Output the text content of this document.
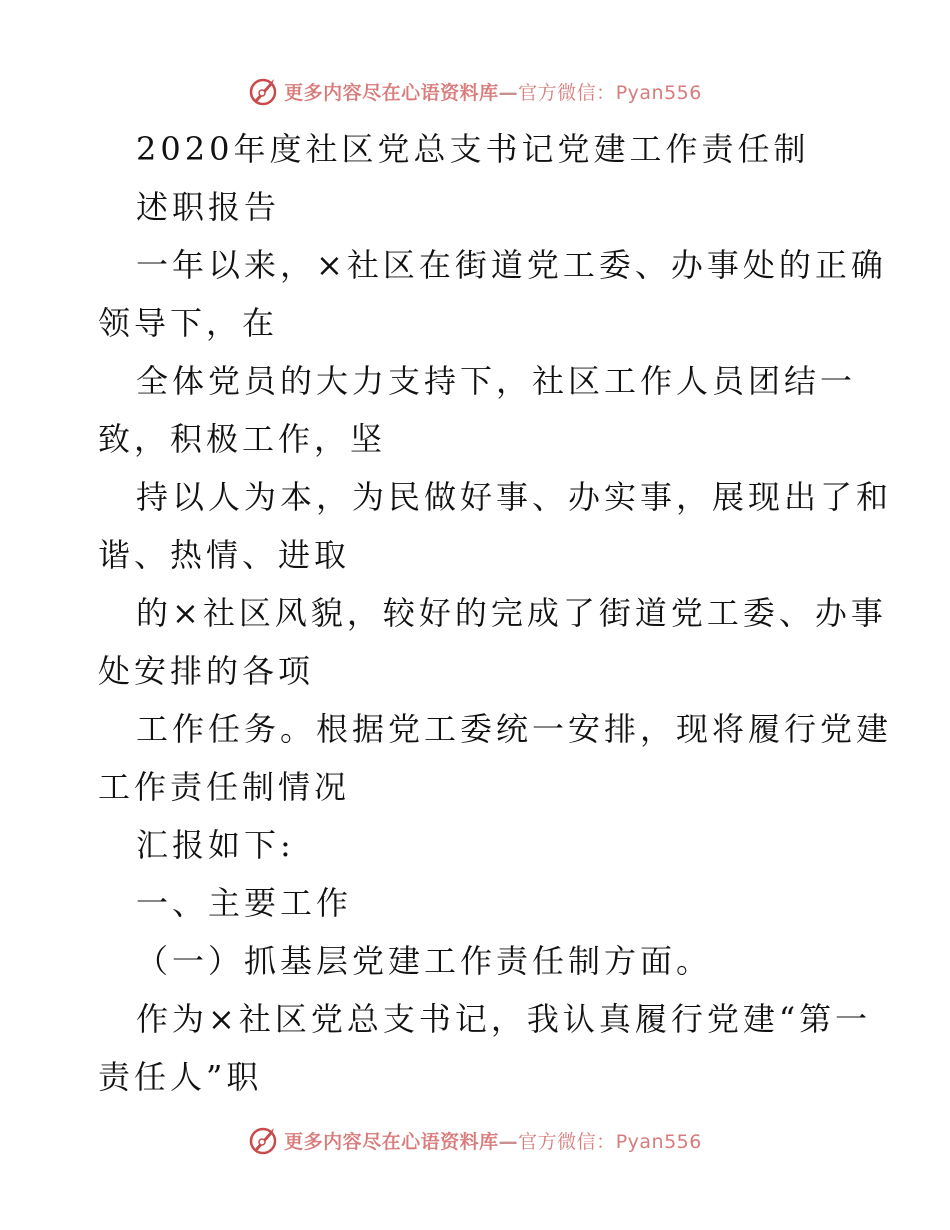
更多内容尽在心语资料库—官方微信：Pyan556

2020年度社区党总支书记党建工作责任制

述职报告

一年以来，×社区在街道党工委、办事处的正确

领导下，在

全体党员的大力支持下，社区工作人员团结一

致，积极工作，坚

持以人为本，为民做好事、办实事，展现出了和

谐、热情、进取

的×社区风貌，较好的完成了街道党工委、办事

处安排的各项

工作任务。根据党工委统一安排，现将履行党建

工作责任制情况

汇报如下:

一、主要工作

（一）抓基层党建工作责任制方面。

作为×社区党总支书记，我认真履行党建“第一

责任人”职

更多内容尽在心语资料库—官方微信：Pyan556
